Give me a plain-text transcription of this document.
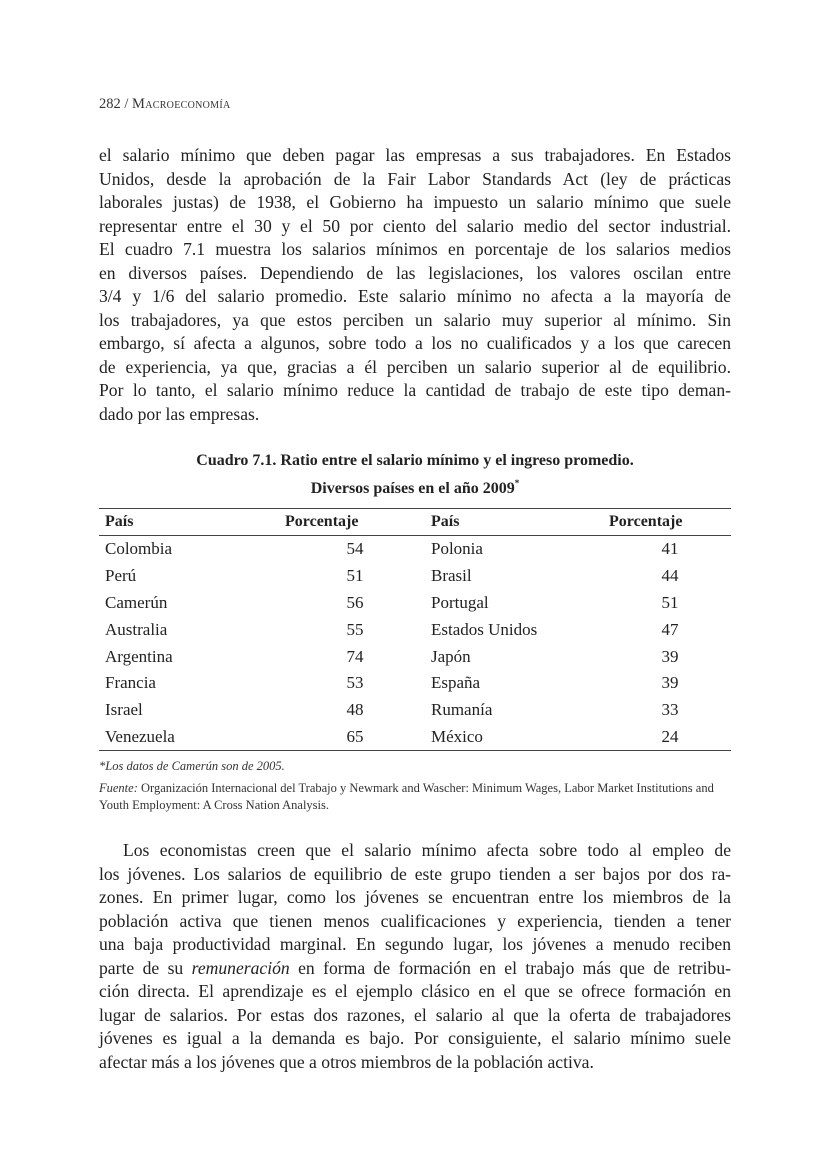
282 / Macroeconomía
el salario mínimo que deben pagar las empresas a sus trabajadores. En Estados
Unidos, desde la aprobación de la Fair Labor Standards Act (ley de prácticas
laborales justas) de 1938, el Gobierno ha impuesto un salario mínimo que suele
representar entre el 30 y el 50 por ciento del salario medio del sector industrial.
El cuadro 7.1 muestra los salarios mínimos en porcentaje de los salarios medios
en diversos países. Dependiendo de las legislaciones, los valores oscilan entre
3/4 y 1/6 del salario promedio. Este salario mínimo no afecta a la mayoría de
los trabajadores, ya que estos perciben un salario muy superior al mínimo. Sin
embargo, sí afecta a algunos, sobre todo a los no cualificados y a los que carecen
de experiencia, ya que, gracias a él perciben un salario superior al de equilibrio.
Por lo tanto, el salario mínimo reduce la cantidad de trabajo de este tipo deman-
dado por las empresas.
Cuadro 7.1. Ratio entre el salario mínimo y el ingreso promedio.
Diversos países en el año 2009*
País	Porcentaje	País	Porcentaje
Colombia	54	Polonia	41
Perú	51	Brasil	44
Camerún	56	Portugal	51
Australia	55	Estados Unidos	47
Argentina	74	Japón	39
Francia	53	España	39
Israel	48	Rumanía	33
Venezuela	65	México	24
*Los datos de Camerún son de 2005.
Fuente: Organización Internacional del Trabajo y Newmark and Wascher: Minimum Wages, Labor Market Institutions and Youth Employment: A Cross Nation Analysis.
Los economistas creen que el salario mínimo afecta sobre todo al empleo de
los jóvenes. Los salarios de equilibrio de este grupo tienden a ser bajos por dos ra-
zones. En primer lugar, como los jóvenes se encuentran entre los miembros de la
población activa que tienen menos cualificaciones y experiencia, tienden a tener
una baja productividad marginal. En segundo lugar, los jóvenes a menudo reciben
parte de su remuneración en forma de formación en el trabajo más que de retribu-
ción directa. El aprendizaje es el ejemplo clásico en el que se ofrece formación en
lugar de salarios. Por estas dos razones, el salario al que la oferta de trabajadores
jóvenes es igual a la demanda es bajo. Por consiguiente, el salario mínimo suele
afectar más a los jóvenes que a otros miembros de la población activa.
